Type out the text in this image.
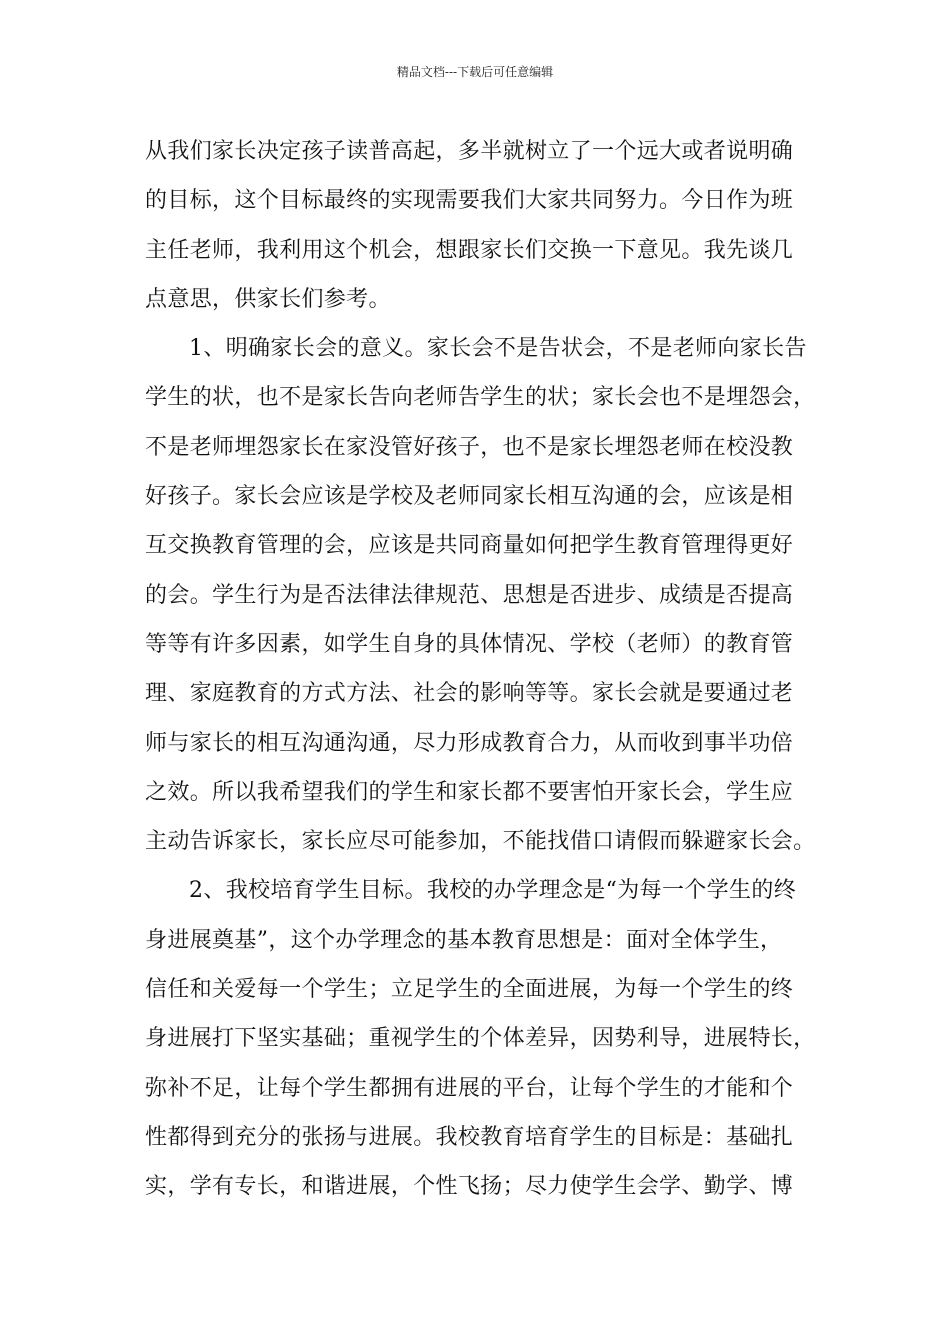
精品文档---下载后可任意编辑
从我们家长决定孩子读普高起，多半就树立了一个远大或者说明确
的目标，这个目标最终的实现需要我们大家共同努力。今日作为班
主任老师，我利用这个机会，想跟家长们交换一下意见。我先谈几
点意思，供家长们参考。
1、明确家长会的意义。家长会不是告状会，不是老师向家长告
学生的状，也不是家长告向老师告学生的状；家长会也不是埋怨会，
不是老师埋怨家长在家没管好孩子，也不是家长埋怨老师在校没教
好孩子。家长会应该是学校及老师同家长相互沟通的会，应该是相
互交换教育管理的会，应该是共同商量如何把学生教育管理得更好
的会。学生行为是否法律法律规范、思想是否进步、成绩是否提高
等等有许多因素，如学生自身的具体情况、学校（老师）的教育管
理、家庭教育的方式方法、社会的影响等等。家长会就是要通过老
师与家长的相互沟通沟通，尽力形成教育合力，从而收到事半功倍
之效。所以我希望我们的学生和家长都不要害怕开家长会，学生应
主动告诉家长，家长应尽可能参加，不能找借口请假而躲避家长会。
2、我校培育学生目标。我校的办学理念是“为每一个学生的终
身进展奠基”，这个办学理念的基本教育思想是：面对全体学生，
信任和关爱每一个学生；立足学生的全面进展，为每一个学生的终
身进展打下坚实基础；重视学生的个体差异，因势利导，进展特长，
弥补不足，让每个学生都拥有进展的平台，让每个学生的才能和个
性都得到充分的张扬与进展。我校教育培育学生的目标是：基础扎
实，学有专长，和谐进展，个性飞扬；尽力使学生会学、勤学、博
